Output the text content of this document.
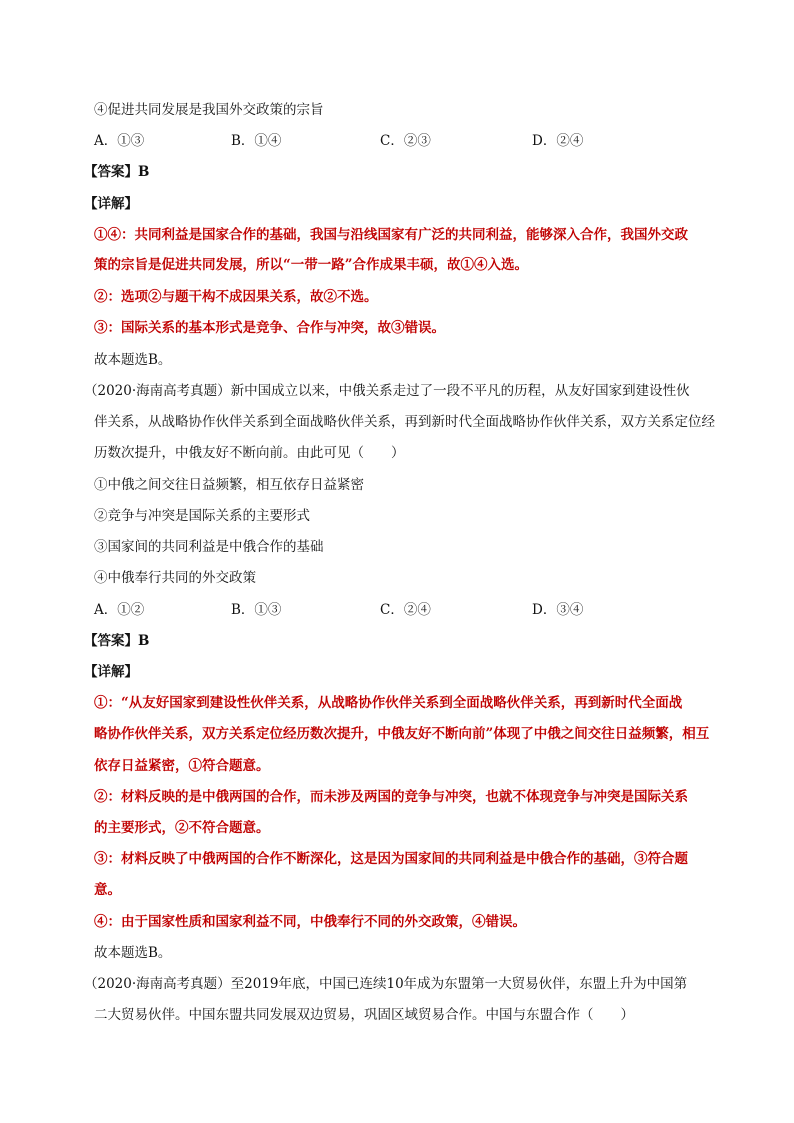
④促进共同发展是我国外交政策的宗旨
A．①③	B．①④	C．②③	D．②④
【答案】B
【详解】
①④：共同利益是国家合作的基础，我国与沿线国家有广泛的共同利益，能够深入合作，我国外交政
策的宗旨是促进共同发展，所以“一带一路”合作成果丰硕，故①④入选。
②：选项②与题干构不成因果关系，故②不选。
③：国际关系的基本形式是竞争、合作与冲突，故③错误。
故本题选B。
（2020·海南高考真题）新中国成立以来，中俄关系走过了一段不平凡的历程，从友好国家到建设性伙
伴关系，从战略协作伙伴关系到全面战略伙伴关系，再到新时代全面战略协作伙伴关系，双方关系定位经
历数次提升，中俄友好不断向前。由此可见（　　）
①中俄之间交往日益频繁，相互依存日益紧密
②竞争与冲突是国际关系的主要形式
③国家间的共同利益是中俄合作的基础
④中俄奉行共同的外交政策
A．①②	B．①③	C．②④	D．③④
【答案】B
【详解】
①：“从友好国家到建设性伙伴关系，从战略协作伙伴关系到全面战略伙伴关系，再到新时代全面战
略协作伙伴关系，双方关系定位经历数次提升，中俄友好不断向前”体现了中俄之间交往日益频繁，相互
依存日益紧密，①符合题意。
②：材料反映的是中俄两国的合作，而未涉及两国的竞争与冲突，也就不体现竞争与冲突是国际关系
的主要形式，②不符合题意。
③：材料反映了中俄两国的合作不断深化，这是因为国家间的共同利益是中俄合作的基础，③符合题
意。
④：由于国家性质和国家利益不同，中俄奉行不同的外交政策，④错误。
故本题选B。
（2020·海南高考真题）至2019年底，中国已连续10年成为东盟第一大贸易伙伴，东盟上升为中国第
二大贸易伙伴。中国东盟共同发展双边贸易，巩固区域贸易合作。中国与东盟合作（　　）
